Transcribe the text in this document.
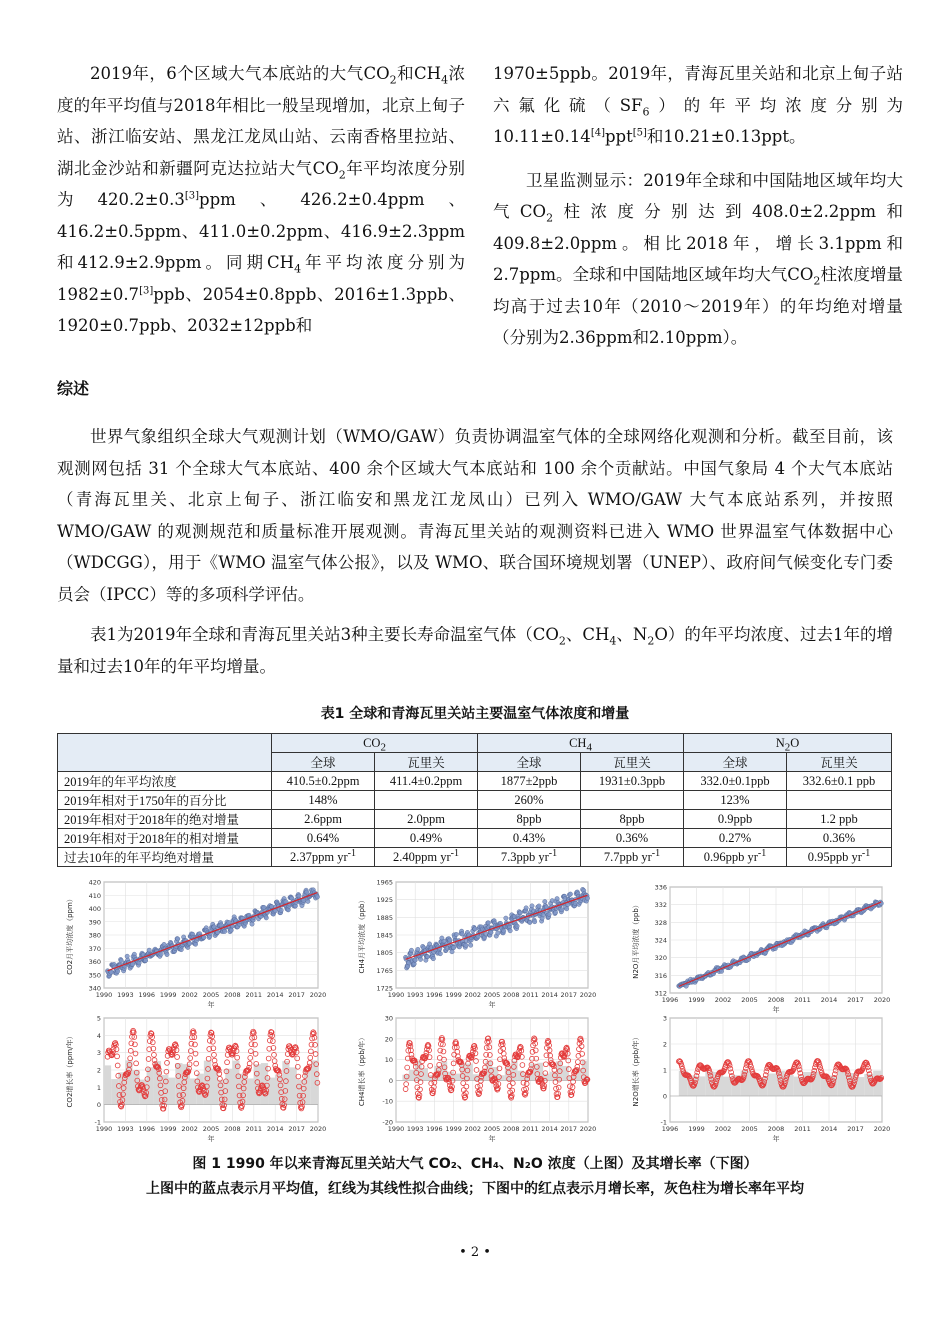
2019年，6个区域大气本底站的大气$CO_2$和$CH_4$浓度的年平均值与2018年相比一般呈现增加，北京上甸子站、浙江临安站、黑龙江龙凤山站、云南香格里拉站、湖北金沙站和新疆阿克达拉站大气$CO_2$年平均浓度分别为420.2±0.3[3]ppm、426.2±0.4ppm、416.2±0.5ppm、411.0±0.2ppm、416.9±2.3ppm和412.9±2.9ppm。同期$CH_4$年平均浓度分别为1982±0.7[3]ppb、2054±0.8ppb、2016±1.3ppb、1920±0.7ppb、2032±12ppb和

1970±5ppb。2019年，青海瓦里关站和北京上甸子站六氟化硫$(SF_6)$的年平均浓度分别为10.11±0.14[4]ppt[5]和10.21±0.13ppt。

卫星监测显示：2019年全球和中国陆地区域年均大气$CO_2$柱浓度分别达到408.0±2.2ppm和409.8±2.0ppm。相比2018年，增长3.1ppm和2.7ppm。全球和中国陆地区域年均大气$CO_2$柱浓度增量均高于过去10年（2010～2019年）的年均绝对增量（分别为2.36ppm和2.10ppm）。

综述

世界气象组织全球大气观测计划（WMO/GAW）负责协调温室气体的全球网络化观测和分析。截至目前，该观测网包括 31 个全球大气本底站、400 余个区域大气本底站和 100 余个贡献站。中国气象局 4 个大气本底站（青海瓦里关、北京上甸子、浙江临安和黑龙江龙凤山）已列入 WMO/GAW 大气本底站系列，并按照 WMO/GAW 的观测规范和质量标准开展观测。青海瓦里关站的观测资料已进入 WMO 世界温室气体数据中心（WDCGG），用于《WMO 温室气体公报》，以及 WMO、联合国环境规划署（UNEP）、政府间气候变化专门委员会（IPCC）等的多项科学评估。

表1为2019年全球和青海瓦里关站3种主要长寿命温室气体（$CO_2$、$CH_4$、$N_2O$）的年平均浓度、过去1年的增量和过去10年的年平均增量。

表1 全球和青海瓦里关站主要温室气体浓度和增量
	$CO_2$		$CH_4$		$N_2O$	
	全球	瓦里关	全球	瓦里关	全球	瓦里关
2019年的年平均浓度	410.5±0.2ppm	411.4±0.2ppm	1877±2ppb	1931±0.3ppb	332.0±0.1ppb	332.6±0.1 ppb
2019年相对于1750年的百分比	148%		260%		123%	
2019年相对于2018年的绝对增量	2.6ppm	2.0ppm	8ppb	8ppb	0.9ppb	1.2 ppb
2019年相对于2018年的相对增量	0.64%	0.49%	0.43%	0.36%	0.27%	0.36%
过去10年的年平均绝对增量	2.37ppm $yr^{-1}$	2.40ppm $yr^{-1}$	7.3ppb $yr^{-1}$	7.7ppb $yr^{-1}$	0.96ppb $yr^{-1}$	0.95ppb $yr^{-1}$
340
350
360
370
380
390
400
410
420
1990 1993 1996 1999 2002 2005 2008 2011 2014 2017 2020
年
CO2月平均浓度（ppm）
1725
1765
1805
1845
1885
1925
1965
1990 1993 1996 1999 2002 2005 2008 2011 2014 2017 2020
年
CH4月平均浓度（ppb）
312
316
320
324
328
332
336
1996 1999 2002 2005 2008 2011 2014 2017 2020
年
N2O月平均浓度（ppb）
-1
0
1
2
3
4
5
1990 1993 1996 1999 2002 2005 2008 2011 2014 2017 2020
年
CO2增长率（ppm/年）
-20
-10
0
10
20
30
1990 1993 1996 1999 2002 2005 2008 2011 2014 2017 2020
年
CH4增长率（ppb/年）
-1
0
1
2
3
1996 1999 2002 2005 2008 2011 2014 2017 2020
年
N2O增长率（ppb/年）
图 1 1990 年以来青海瓦里关站大气 CO₂、CH₄、N₂O 浓度（上图）及其增长率（下图）
上图中的蓝点表示月平均值，红线为其线性拟合曲线；下图中的红点表示月增长率，灰色柱为增长率年平均
• 2 •
